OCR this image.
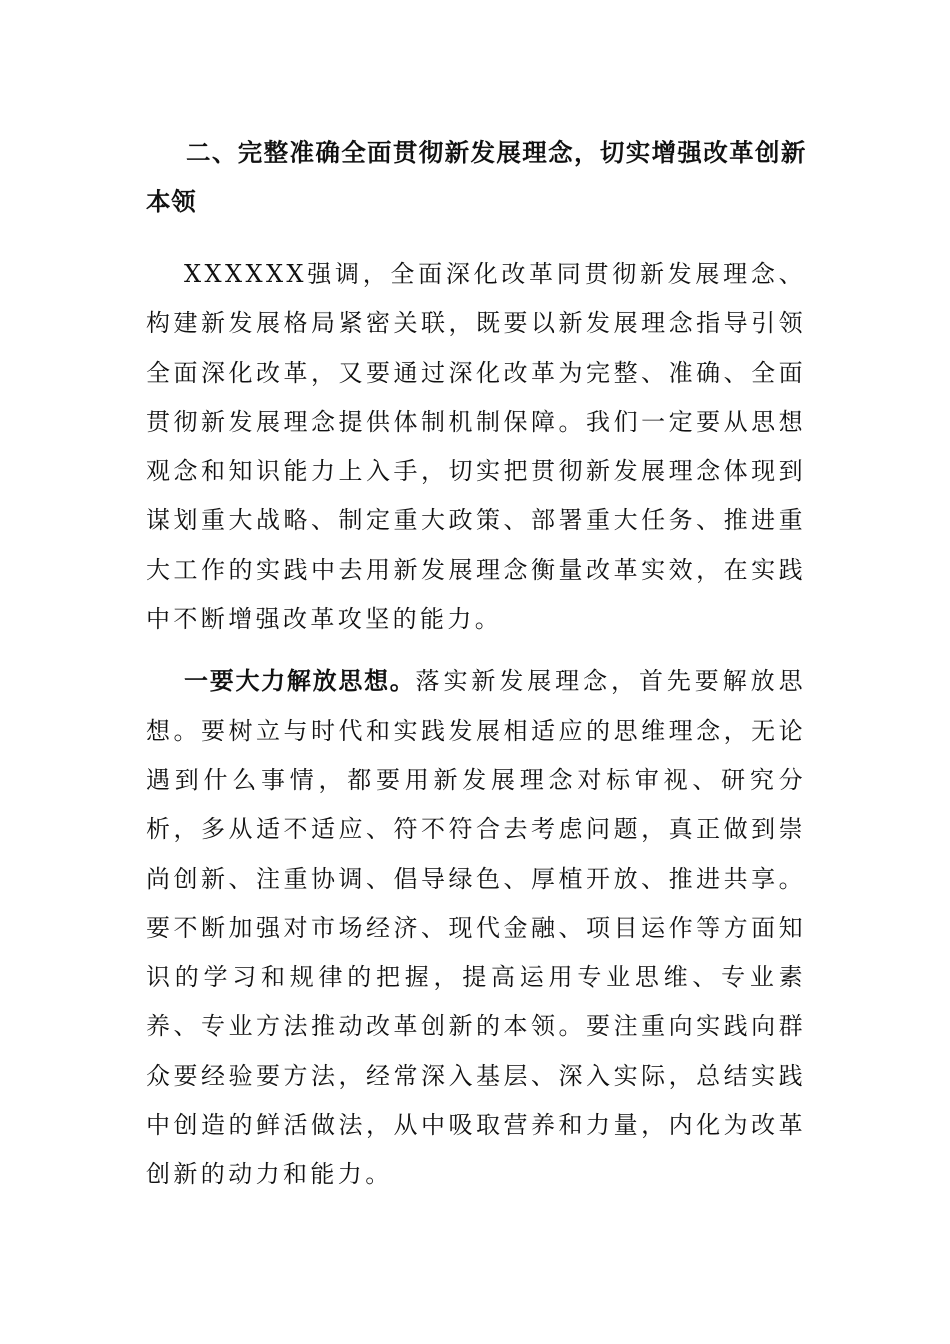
二、完整准确全面贯彻新发展理念，切实增强改革创新本领

XXXXXX强调，全面深化改革同贯彻新发展理念、构建新发展格局紧密关联，既要以新发展理念指导引领全面深化改革，又要通过深化改革为完整、准确、全面贯彻新发展理念提供体制机制保障。我们一定要从思想观念和知识能力上入手，切实把贯彻新发展理念体现到谋划重大战略、制定重大政策、部署重大任务、推进重大工作的实践中去用新发展理念衡量改革实效，在实践中不断增强改革攻坚的能力。

一要大力解放思想。落实新发展理念，首先要解放思想。要树立与时代和实践发展相适应的思维理念，无论遇到什么事情，都要用新发展理念对标审视、研究分析，多从适不适应、符不符合去考虑问题，真正做到崇尚创新、注重协调、倡导绿色、厚植开放、推进共享。要不断加强对市场经济、现代金融、项目运作等方面知识的学习和规律的把握，提高运用专业思维、专业素养、专业方法推动改革创新的本领。要注重向实践向群众要经验要方法，经常深入基层、深入实际，总结实践中创造的鲜活做法，从中吸取营养和力量，内化为改革创新的动力和能力。
